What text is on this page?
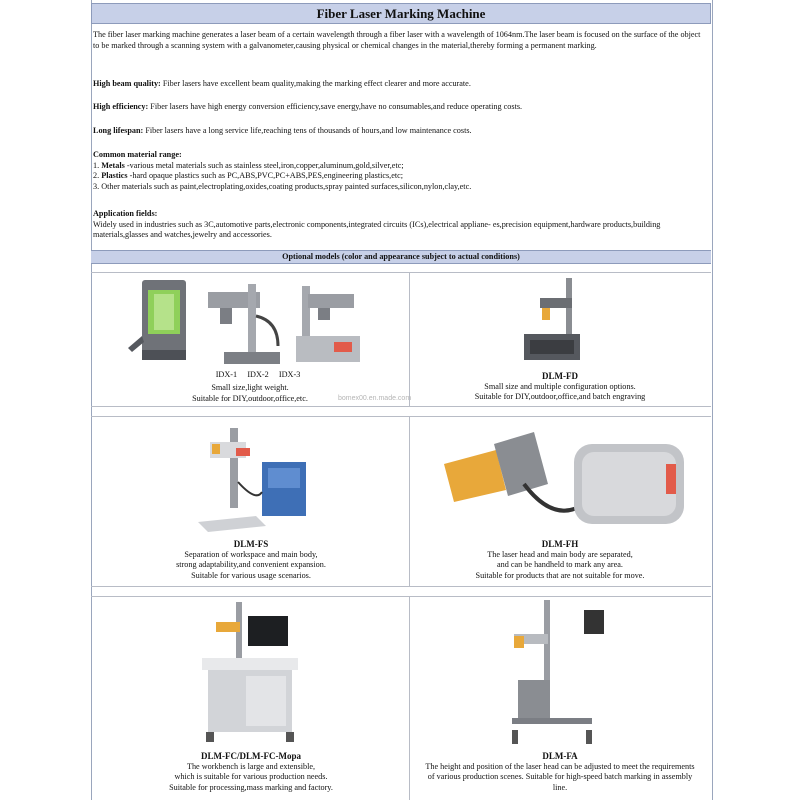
Fiber Laser Marking Machine

The fiber laser marking machine generates a laser beam of a certain wavelength through a fiber laser with a wavelength of 1064nm.The laser beam is focused on the surface of the object to be marked through a scanning system with a galvanometer,causing physical or chemical changes in the material,thereby forming a permanent marking.

High beam quality: Fiber lasers have excellent beam quality,making the marking effect clearer and more accurate.

High efficiency: Fiber lasers have high energy conversion efficiency,save energy,have no consumables,and reduce operating costs.

Long lifespan: Fiber lasers have a long service life,reaching tens of thousands of hours,and low maintenance costs.

Common material range:

1. Metals -various metal materials such as stainless steel,iron,copper,aluminum,gold,silver,etc;

2. Plastics -hard opaque plastics such as PC,ABS,PVC,PC+ABS,PES,engineering plastics,etc;

3. Other materials such as paint,electroplating,oxides,coating products,spray painted surfaces,silicon,nylon,clay,etc.

Application fields:

Widely used in industries such as 3C,automotive parts,electronic components,integrated circuits (ICs),electrical appliane- es,precision equipment,hardware products,building materials,glasses and watches,jewelry and accessories.

Optional models (color and appearance subject to actual conditions)
IDX-1 IDX-2 IDX-3
Small size,light weight.
Suitable for DIY,outdoor,office,etc.	bomex00.en.made.com
DLM-FD
Small size and multiple configuration options.
Suitable for DIY,outdoor,office,and batch engraving
DLM-FS
Separation of workspace and main body,
strong adaptability,and convenient expansion.
Suitable for various usage scenarios.
DLM-FH
The laser head and main body are separated,
and can be handheld to mark any area.
Suitable for products that are not suitable for move.
DLM-FC/DLM-FC-Mopa
The workbench is large and extensible,
which is suitable for various production needs.
Suitable for processing,mass marking and factory.
DLM-FA
The height and position of the laser head can be adjusted to meet the requirements
of various production scenes. Suitable for high-speed batch marking in assembly
line.
